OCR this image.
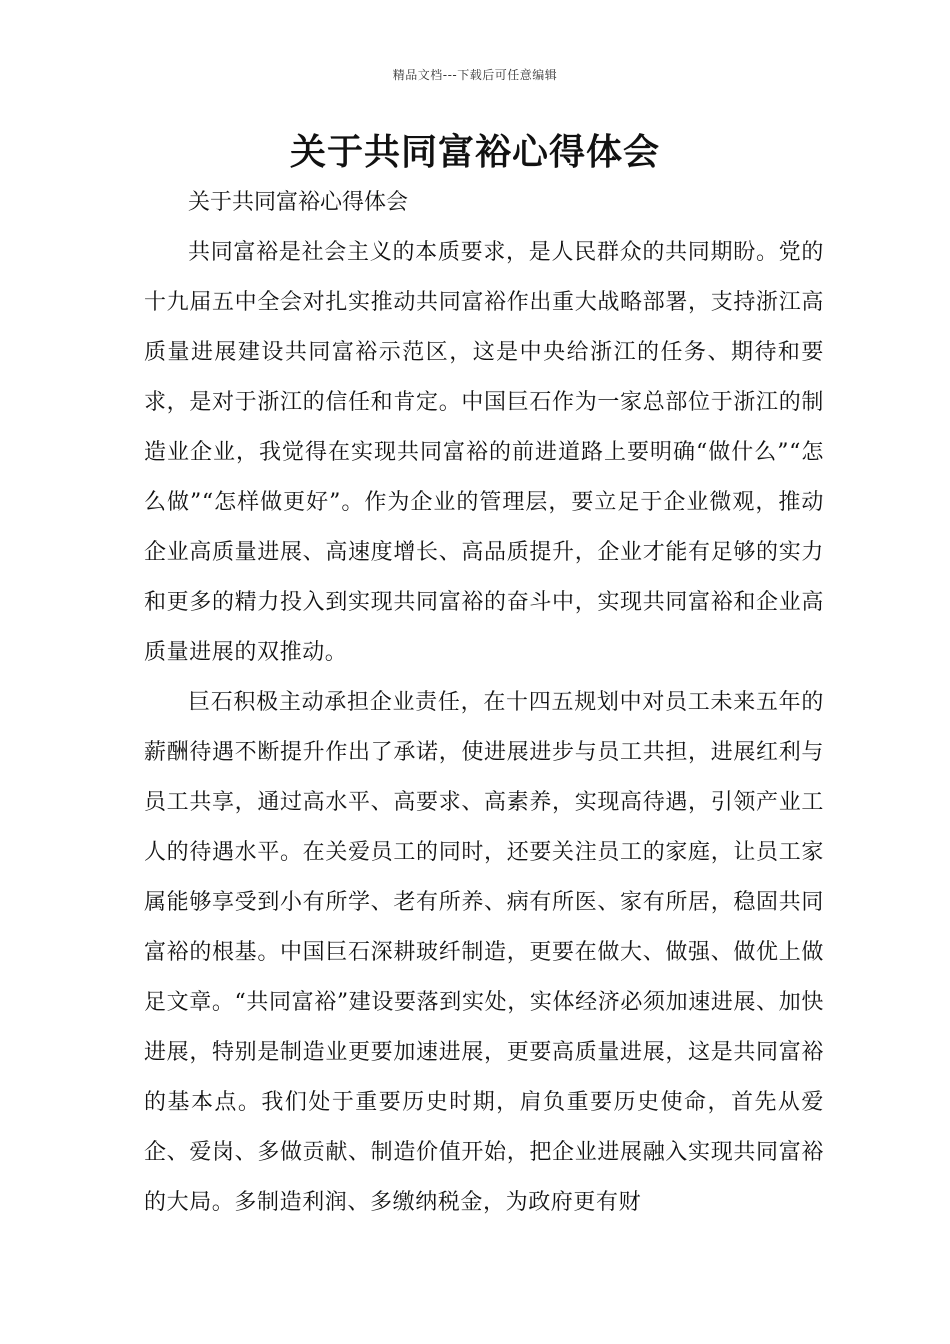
精品文档---下载后可任意编辑
关于共同富裕心得体会

关于共同富裕心得体会

共同富裕是社会主义的本质要求，是人民群众的共同期盼。党的十九届五中全会对扎实推动共同富裕作出重大战略部署，支持浙江高质量进展建设共同富裕示范区，这是中央给浙江的任务、期待和要求，是对于浙江的信任和肯定。中国巨石作为一家总部位于浙江的制造业企业，我觉得在实现共同富裕的前进道路上要明确“做什么”“怎么做”“怎样做更好”。作为企业的管理层，要立足于企业微观，推动企业高质量进展、高速度增长、高品质提升，企业才能有足够的实力和更多的精力投入到实现共同富裕的奋斗中，实现共同富裕和企业高质量进展的双推动。

巨石积极主动承担企业责任，在十四五规划中对员工未来五年的薪酬待遇不断提升作出了承诺，使进展进步与员工共担，进展红利与员工共享，通过高水平、高要求、高素养，实现高待遇，引领产业工人的待遇水平。在关爱员工的同时，还要关注员工的家庭，让员工家属能够享受到小有所学、老有所养、病有所医、家有所居，稳固共同富裕的根基。中国巨石深耕玻纤制造，更要在做大、做强、做优上做足文章。“共同富裕”建设要落到实处，实体经济必须加速进展、加快进展，特别是制造业更要加速进展，更要高质量进展，这是共同富裕的基本点。我们处于重要历史时期，肩负重要历史使命，首先从爱企、爱岗、多做贡献、制造价值开始，把企业进展融入实现共同富裕的大局。多制造利润、多缴纳税金，为政府更有财
